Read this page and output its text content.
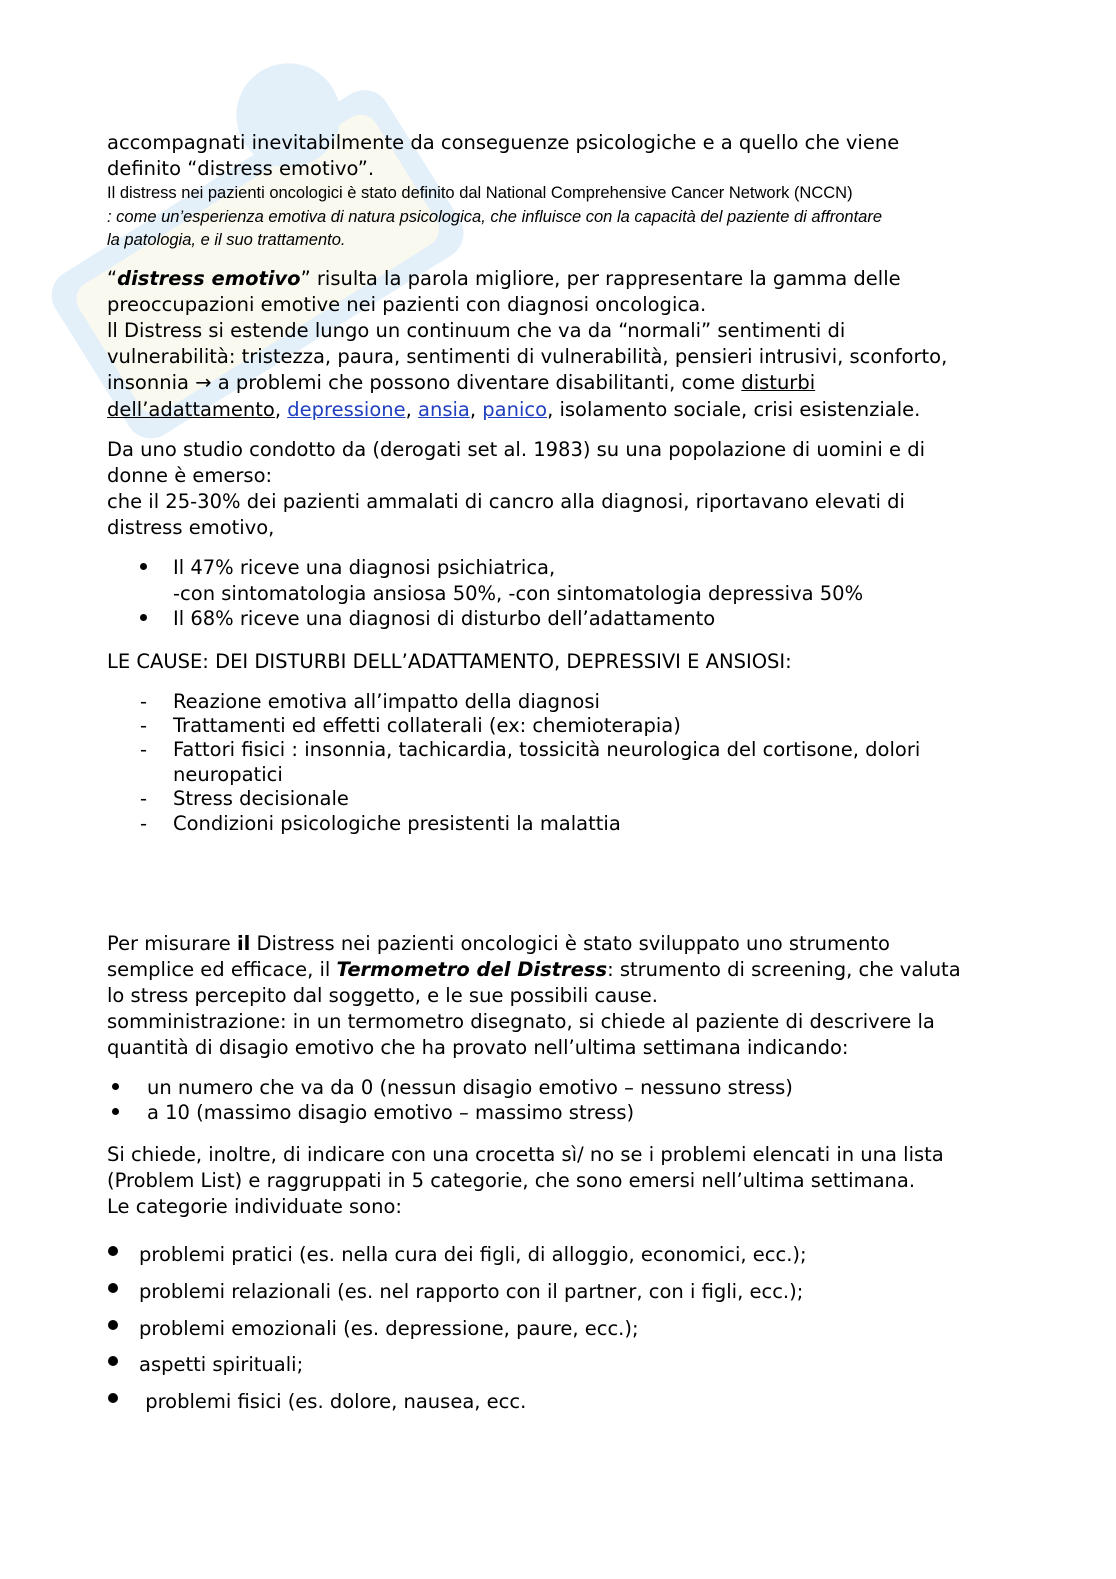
accompagnati inevitabilmente da conseguenze psicologiche e a quello che viene

definito “distress emotivo”.

Il distress nei pazienti oncologici è stato definito dal National Comprehensive Cancer Network (NCCN)

: come un’esperienza emotiva di natura psicologica, che influisce con la capacità del paziente di affrontare

la patologia, e il suo trattamento.

“distress emotivo” risulta la parola migliore, per rappresentare la gamma delle

preoccupazioni emotive nei pazienti con diagnosi oncologica.

ll Distress si estende lungo un continuum che va da “normali” sentimenti di

vulnerabilità: tristezza, paura, sentimenti di vulnerabilità, pensieri intrusivi, sconforto,

insonnia → a problemi che possono diventare disabilitanti, come disturbi

dell’adattamento, depressione, ansia, panico, isolamento sociale, crisi esistenziale.

Da uno studio condotto da (derogati set al. 1983) su una popolazione di uomini e di

donne è emerso:

che il 25-30% dei pazienti ammalati di cancro alla diagnosi, riportavano elevati di

distress emotivo,

Il 47% riceve una diagnosi psichiatrica,
-con sintomatologia ansiosa 50%, -con sintomatologia depressiva 50%
Il 68% riceve una diagnosi di disturbo dell’adattamento

LE CAUSE: DEI DISTURBI DELL’ADATTAMENTO, DEPRESSIVI E ANSIOSI:

- Reazione emotiva all’impatto della diagnosi
- Trattamenti ed effetti collaterali (ex: chemioterapia)
- Fattori fisici : insonnia, tachicardia, tossicità neurologica del cortisone, dolori
neuropatici
- Stress decisionale
- Condizioni psicologiche presistenti la malattia

Per misurare il Distress nei pazienti oncologici è stato sviluppato uno strumento

semplice ed efficace, il Termometro del Distress: strumento di screening, che valuta

lo stress percepito dal soggetto, e le sue possibili cause.

somministrazione: in un termometro disegnato, si chiede al paziente di descrivere la

quantità di disagio emotivo che ha provato nell’ultima settimana indicando:

un numero che va da 0 (nessun disagio emotivo – nessuno stress)
a 10 (massimo disagio emotivo – massimo stress)

Si chiede, inoltre, di indicare con una crocetta sì/ no se i problemi elencati in una lista

(Problem List) e raggruppati in 5 categorie, che sono emersi nell’ultima settimana.

Le categorie individuate sono:

problemi pratici (es. nella cura dei figli, di alloggio, economici, ecc.);
problemi relazionali (es. nel rapporto con il partner, con i figli, ecc.);
problemi emozionali (es. depressione, paure, ecc.);
aspetti spirituali;
problemi fisici (es. dolore, nausea, ecc.
